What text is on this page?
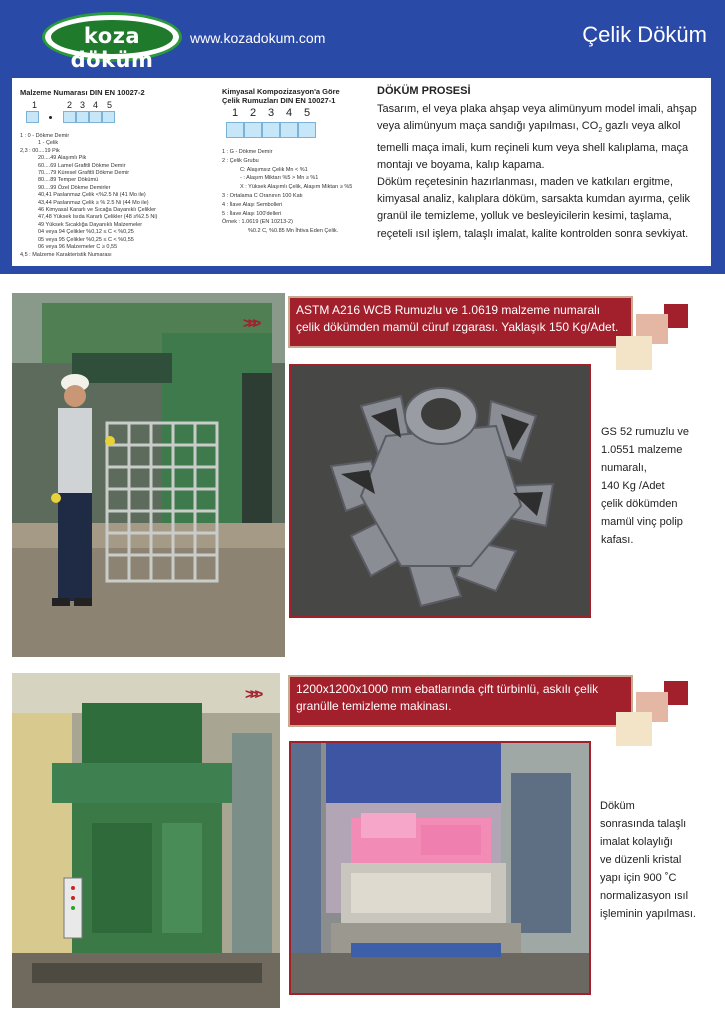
koza döküm
www.kozadokum.com	Çelik Döküm
Malzeme Numarası DIN EN 10027-2
1	2 3 4 5
1 : 0 - Dökme Demir
1 - Çelik
2,3 : 00....19 Pik
20....49 Alaşımlı Pik
60....69 Lamel Grafitli Dökme Demir
70....79 Küresel Grafitli Dökme Demir
80....89 Temper Dökümü
90....99 Özel Dökme Demirler
40,41 Paslanmaz Çelik <%2.5 Ni (41 Mo ile)
43,44 Paslanmaz Çelik ≥ % 2.5 Ni (44 Mo ile)
46 Kimyasal Kararlı ve Sıcağa Dayanıklı Çelikler
47,48 Yüksek Isıda Kararlı Çelikler (48 ≥%2.5 Ni)
49 Yüksek Sıcaklığa Dayanıklı Malzemeler
04 veya 94 Çelikler %0,12 ≤ C < %0,25
05 veya 95 Çelikler %0,25 ≤ C < %0,55
06 veya 96 Malzemeler C ≥ 0,55
4,5 : Malzeme Karakteristik Numarası
Kimyasal Kompozizasyon'a Göre
Çelik Rumuzları DIN EN 10027-1
1 2 3 4 5
1 : G - Dökme Demir
2 : Çelik Grubu
C: Alaşımsız Çelik Mn < %1
- : Alaşım Miktarı %5 > Mn ≥ %1
X : Yüksek Alaşımlı Çelik, Alaşım Miktarı ≥ %5
3 : Ortalama C Oranının 100 Katı
4 : İlave Alaşı Sembolleri
5 : İlave Alaşı 100'delleri
Örnek : 1.0619 (EN 10213-2)
%0.2 C, %0.85 Mn İhtiva Eden Çelik.
DÖKÜM PROSESİ

Tasarım, el veya plaka ahşap veya alimünyum model imali, ahşap veya alimünyum maça sandığı yapılması, $CO_2$ gazlı veya alkol temelli maça imali, kum reçineli kum veya shell kalıplama, maça montajı ve boyama, kalıp kapama.

Döküm reçetesinin hazırlanması, maden ve katkıları ergitme, kimyasal analiz, kalıplara döküm, sarsakta kumdan ayırma, çelik granül ile temizleme, yolluk ve besleyicilerin kesimi, taşlama, reçeteli ısıl işlem, talaşlı imalat, kalite kontrolden sonra sevkiyat.

>>>
ASTM A216 WCB Rumuzlu ve 1.0619 malzeme numaralı
çelik dökümden mamül cüruf ızgarası. Yaklaşık 150 Kg/Adet.
GS 52 rumuzlu ve
1.0551 malzeme
numaralı,
140 Kg /Adet
çelik dökümden
mamül vinç polip
kafası.
>>>	1200x1200x1000 mm ebatlarında çift türbinlü, askılı çelik
granülle temizleme makinası.
Döküm
sonrasında talaşlı
imalat kolaylığı
ve düzenli kristal
yapı için 900 ˚C
normalizasyon ısıl
işleminin yapılması.
